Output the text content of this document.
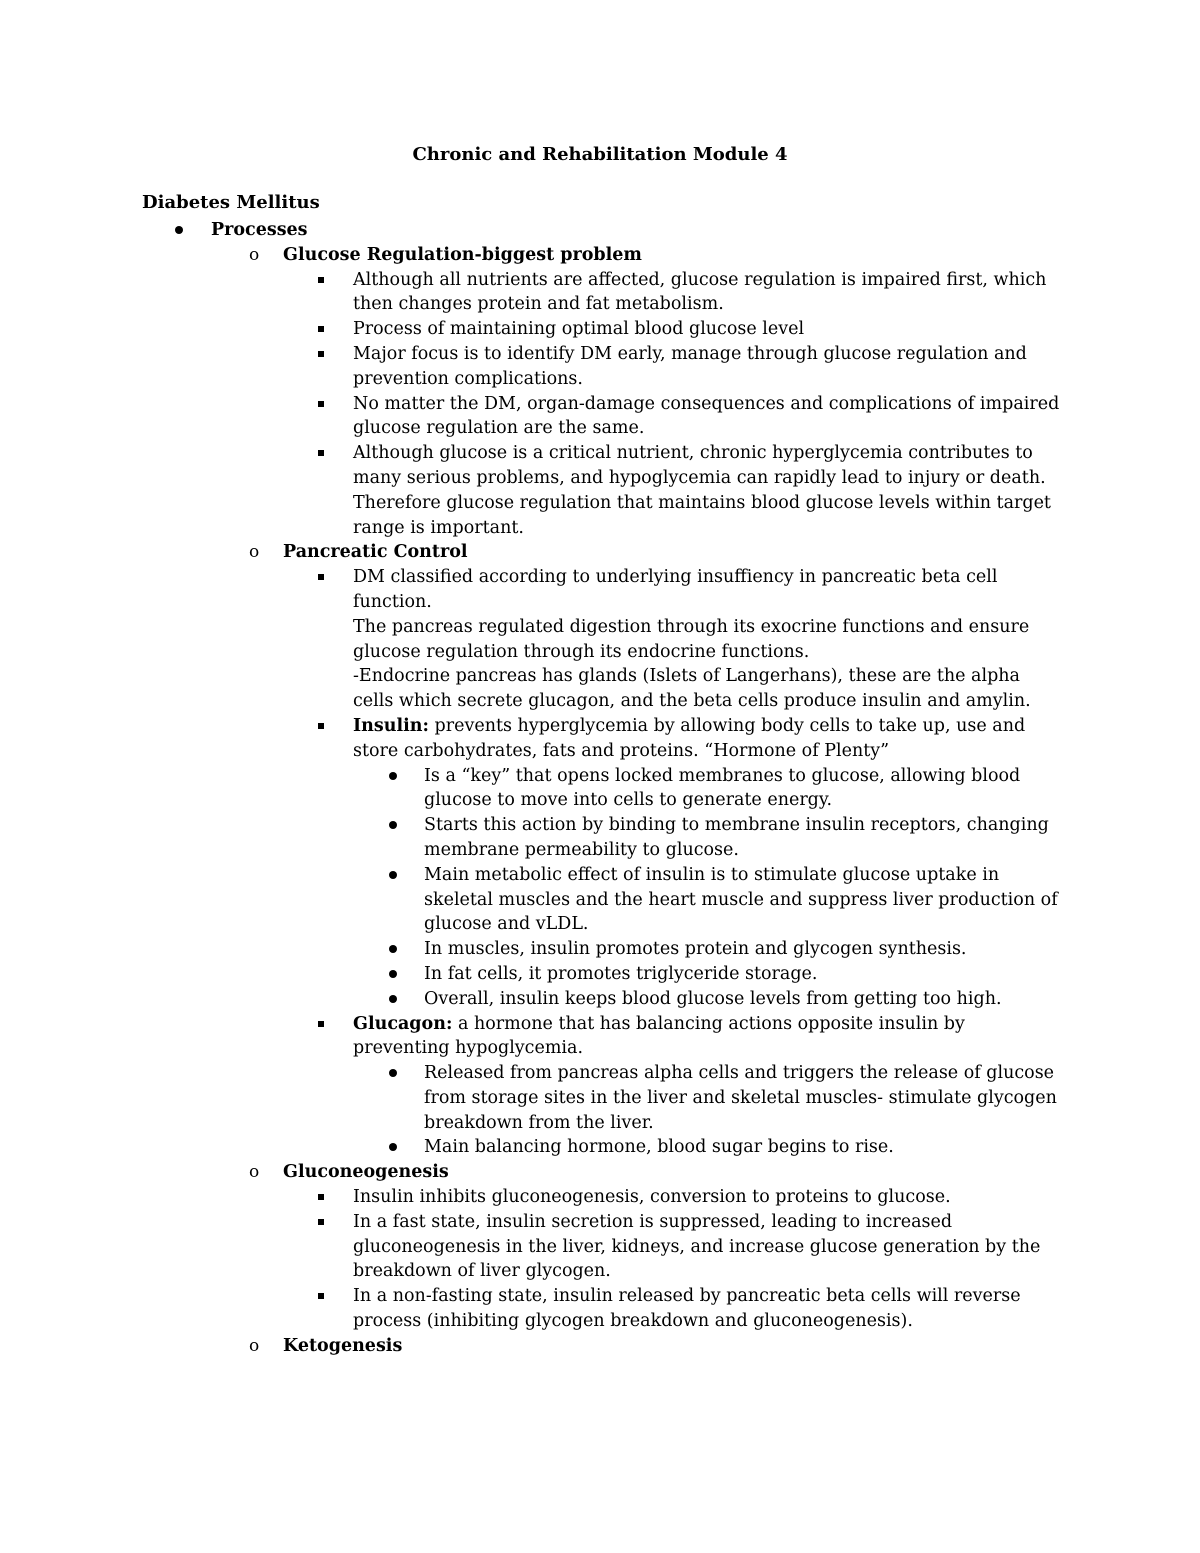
Chronic and Rehabilitation Module 4
Diabetes Mellitus
Processes
o	Glucose Regulation-biggest problem
Although all nutrients are affected, glucose regulation is impaired first, which then changes protein and fat metabolism.
Process of maintaining optimal blood glucose level
Major focus is to identify DM early, manage through glucose regulation and prevention complications.
No matter the DM, organ-damage consequences and complications of impaired glucose regulation are the same.
Although glucose is a critical nutrient, chronic hyperglycemia contributes to many serious problems, and hypoglycemia can rapidly lead to injury or death. Therefore glucose regulation that maintains blood glucose levels within target range is important.
o	Pancreatic Control
DM classified according to underlying insuffiency in pancreatic beta cell function.
The pancreas regulated digestion through its exocrine functions and ensure glucose regulation through its endocrine functions.
-Endocrine pancreas has glands (Islets of Langerhans), these are the alpha cells which secrete glucagon, and the beta cells produce insulin and amylin.
Insulin: prevents hyperglycemia by allowing body cells to take up, use and store carbohydrates, fats and proteins. “Hormone of Plenty”
Is a “key” that opens locked membranes to glucose, allowing blood glucose to move into cells to generate energy.
Starts this action by binding to membrane insulin receptors, changing membrane permeability to glucose.
Main metabolic effect of insulin is to stimulate glucose uptake in skeletal muscles and the heart muscle and suppress liver production of glucose and vLDL.
In muscles, insulin promotes protein and glycogen synthesis.
In fat cells, it promotes triglyceride storage.
Overall, insulin keeps blood glucose levels from getting too high.
Glucagon: a hormone that has balancing actions opposite insulin by preventing hypoglycemia.
Released from pancreas alpha cells and triggers the release of glucose from storage sites in the liver and skeletal muscles- stimulate glycogen breakdown from the liver.
Main balancing hormone, blood sugar begins to rise.
o	Gluconeogenesis
Insulin inhibits gluconeogenesis, conversion to proteins to glucose.
In a fast state, insulin secretion is suppressed, leading to increased gluconeogenesis in the liver, kidneys, and increase glucose generation by the breakdown of liver glycogen.
In a non-fasting state, insulin released by pancreatic beta cells will reverse process (inhibiting glycogen breakdown and gluconeogenesis).
o	Ketogenesis
